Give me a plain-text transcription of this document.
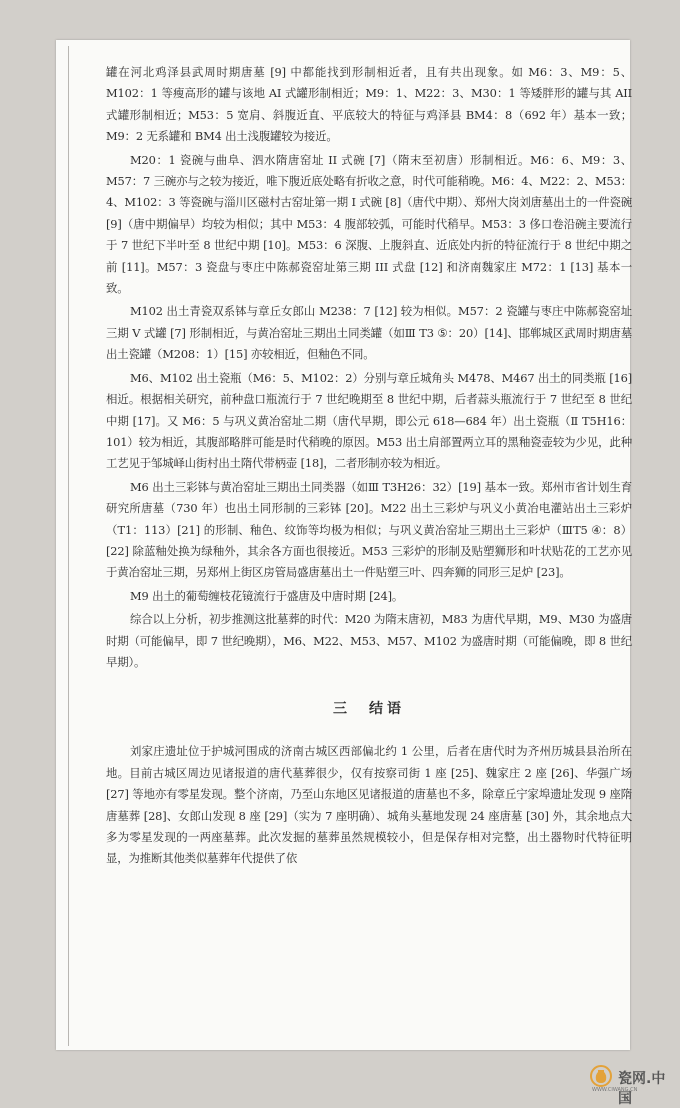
罐在河北鸡泽县武周时期唐墓 [9] 中都能找到形制相近者，且有共出现象。如 M6：3、M9：5、M102：1 等瘦高形的罐与该地 AI 式罐形制相近；M9：1、M22：3、M30：1 等矮胖形的罐与其 AII 式罐形制相近；M53：5 宽肩、斜腹近直、平底较大的特征与鸡泽县 BM4：8（692 年）基本一致；M9：2 无系罐和 BM4 出土浅腹罐较为接近。

M20：1 瓷碗与曲阜、泗水隋唐窑址 II 式碗 [7]（隋末至初唐）形制相近。M6：6、M9：3、M57：7 三碗亦与之较为接近，唯下腹近底处略有折收之意，时代可能稍晚。M6：4、M22：2、M53：4、M102：3 等瓷碗与淄川区磁村古窑址第一期 I 式碗 [8]（唐代中期）、郑州大岗刘唐墓出土的一件瓷碗 [9]（唐中期偏早）均较为相似；其中 M53：4 腹部较弧，可能时代稍早。M53：3 侈口卷沿碗主要流行于 7 世纪下半叶至 8 世纪中期 [10]。M53：6 深腹、上腹斜直、近底处内折的特征流行于 8 世纪中期之前 [11]。M57：3 瓷盘与枣庄中陈郝瓷窑址第三期 III 式盘 [12] 和济南魏家庄 M72：1 [13] 基本一致。

M102 出土青瓷双系钵与章丘女郎山 M238：7 [12] 较为相似。M57：2 瓷罐与枣庄中陈郝瓷窑址三期 V 式罐 [7] 形制相近，与黄冶窑址三期出土同类罐（如Ⅲ T3 ⑤：20）[14]、邯郸城区武周时期唐墓出土瓷罐（M208：1）[15] 亦较相近，但釉色不同。

M6、M102 出土瓷瓶（M6：5、M102：2）分别与章丘城角头 M478、M467 出土的同类瓶 [16] 相近。根据相关研究，前种盘口瓶流行于 7 世纪晚期至 8 世纪中期，后者蒜头瓶流行于 7 世纪至 8 世纪中期 [17]。又 M6：5 与巩义黄冶窑址二期（唐代早期，即公元 618—684 年）出土瓷瓶（Ⅱ T5H16：101）较为相近，其腹部略胖可能是时代稍晚的原因。M53 出土肩部置两立耳的黑釉瓷壶较为少见，此种工艺见于邹城峄山街村出土隋代带柄壶 [18]，二者形制亦较为相近。

M6 出土三彩钵与黄冶窑址三期出土同类器（如Ⅲ T3H26：32）[19] 基本一致。郑州市省计划生育研究所唐墓（730 年）也出土同形制的三彩钵 [20]。M22 出土三彩炉与巩义小黄冶电灌站出土三彩炉（T1：113）[21] 的形制、釉色、纹饰等均极为相似；与巩义黄冶窑址三期出土三彩炉（ⅢT5 ④：8）[22] 除蓝釉处换为绿釉外，其余各方面也很接近。M53 三彩炉的形制及贴塑狮形和叶状贴花的工艺亦见于黄冶窑址三期，另郑州上街区房管局盛唐墓出土一件贴塑三叶、四奔狮的同形三足炉 [23]。

M9 出土的葡萄缠枝花镜流行于盛唐及中唐时期 [24]。

综合以上分析，初步推测这批墓葬的时代：M20 为隋末唐初，M83 为唐代早期，M9、M30 为盛唐时期（可能偏早，即 7 世纪晚期），M6、M22、M53、M57、M102 为盛唐时期（可能偏晚，即 8 世纪早期）。

三　结语

刘家庄遗址位于护城河围成的济南古城区西部偏北约 1 公里，后者在唐代时为齐州历城县县治所在地。目前古城区周边见诸报道的唐代墓葬很少，仅有按察司街 1 座 [25]、魏家庄 2 座 [26]、华强广场 [27] 等地亦有零星发现。整个济南，乃至山东地区见诸报道的唐墓也不多，除章丘宁家埠遗址发现 9 座隋唐墓葬 [28]、女郎山发现 8 座 [29]（实为 7 座明确）、城角头墓地发现 24 座唐墓 [30] 外，其余地点大多为零星发现的一两座墓葬。此次发掘的墓葬虽然规模较小，但是保存相对完整，出土器物时代特征明显，为推断其他类似墓葬年代提供了依

瓷网.中国
WWW.CIWANG.CN
